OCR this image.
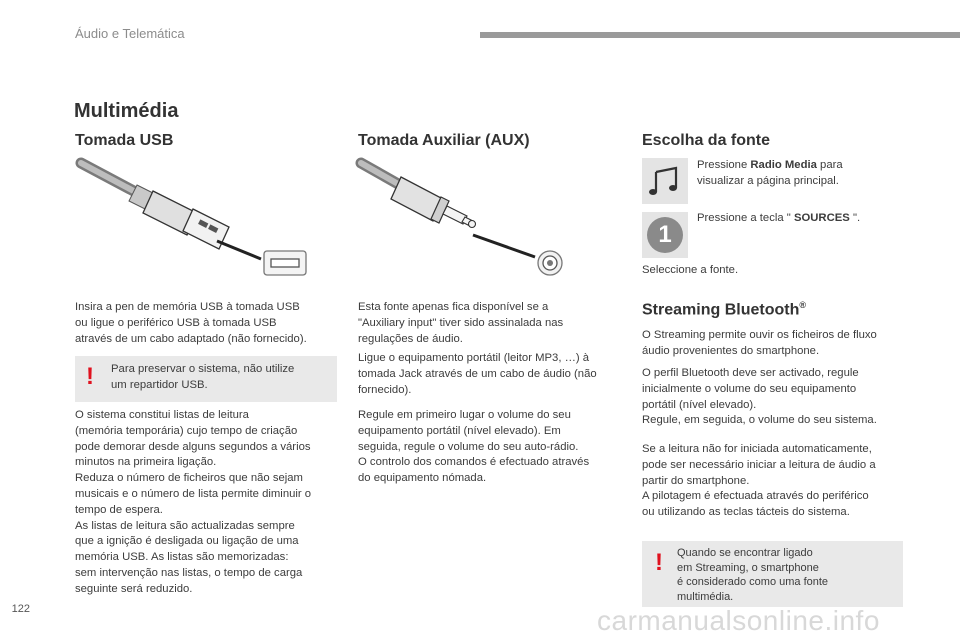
Áudio e Telemática
Multimédia
Tomada USB
Insira a pen de memória USB à tomada USB
ou ligue o periférico USB à tomada USB
através de um cabo adaptado (não fornecido).
! Para preservar o sistema, não utilize
um repartidor USB.
O sistema constitui listas de leitura
(memória temporária) cujo tempo de criação
pode demorar desde alguns segundos a vários
minutos na primeira ligação.
Reduza o número de ficheiros que não sejam
musicais e o número de lista permite diminuir o
tempo de espera.
As listas de leitura são actualizadas sempre
que a ignição é desligada ou ligação de uma
memória USB. As listas são memorizadas:
sem intervenção nas listas, o tempo de carga
seguinte será reduzido.
Tomada Auxiliar (AUX)
Esta fonte apenas fica disponível se a
"Auxiliary input" tiver sido assinalada nas
regulações de áudio.
Ligue o equipamento portátil (leitor MP3, …) à
tomada Jack através de um cabo de áudio (não
fornecido).
Regule em primeiro lugar o volume do seu
equipamento portátil (nível elevado). Em
seguida, regule o volume do seu auto-rádio.
O controlo dos comandos é efectuado através
do equipamento nómada.
Escolha da fonte
Pressione Radio Media para
visualizar a página principal.
1
Pressione a tecla " SOURCES ".
Seleccione a fonte.
Streaming Bluetooth®
O Streaming permite ouvir os ficheiros de fluxo
áudio provenientes do smartphone.
O perfil Bluetooth deve ser activado, regule
inicialmente o volume do seu equipamento
portátil (nível elevado).
Regule, em seguida, o volume do seu sistema.
Se a leitura não for iniciada automaticamente,
pode ser necessário iniciar a leitura de áudio a
partir do smartphone.
A pilotagem é efectuada através do periférico
ou utilizando as teclas tácteis do sistema.
! Quando se encontrar ligado
em Streaming, o smartphone
é considerado como uma fonte
multimédia.
122	carmanualsonline.info
